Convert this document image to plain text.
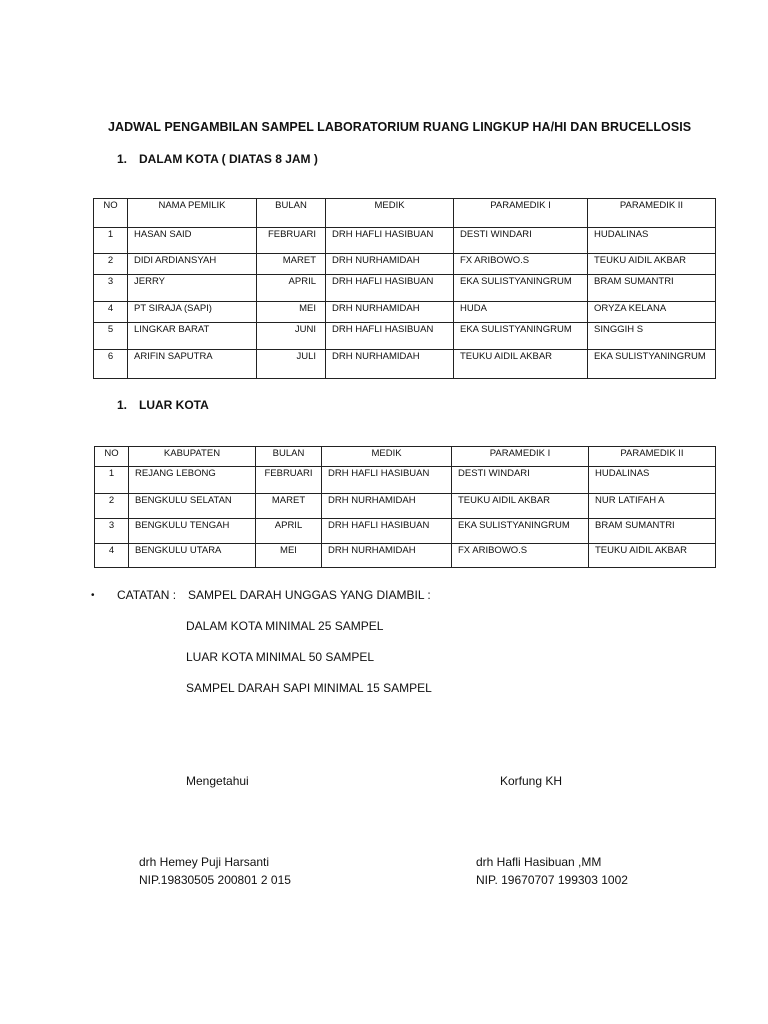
JADWAL PENGAMBILAN SAMPEL LABORATORIUM RUANG LINGKUP HA/HI DAN BRUCELLOSIS
1. DALAM KOTA ( DIATAS 8 JAM )
NO	NAMA PEMILIK	BULAN	MEDIK	PARAMEDIK I	PARAMEDIK II
1	HASAN SAID	FEBRUARI	DRH HAFLI HASIBUAN	DESTI WINDARI	HUDALINAS
2	DIDI ARDIANSYAH	MARET	DRH NURHAMIDAH	FX ARIBOWO.S	TEUKU AIDIL AKBAR
3	JERRY	APRIL	DRH HAFLI HASIBUAN	EKA SULISTYANINGRUM	BRAM SUMANTRI
4	PT SIRAJA (SAPI)	MEI	DRH NURHAMIDAH	HUDA	ORYZA KELANA
5	LINGKAR BARAT	JUNI	DRH HAFLI HASIBUAN	EKA SULISTYANINGRUM	SINGGIH S
6	ARIFIN SAPUTRA	JULI	DRH NURHAMIDAH	TEUKU AIDIL AKBAR	EKA SULISTYANINGRUM
1. LUAR KOTA
NO	KABUPATEN	BULAN	MEDIK	PARAMEDIK I	PARAMEDIK II
1	REJANG LEBONG	FEBRUARI	DRH HAFLI HASIBUAN	DESTI WINDARI	HUDALINAS
2	BENGKULU SELATAN	MARET	DRH NURHAMIDAH	TEUKU AIDIL AKBAR	NUR LATIFAH A
3	BENGKULU TENGAH	APRIL	DRH HAFLI HASIBUAN	EKA SULISTYANINGRUM	BRAM SUMANTRI
4	BENGKULU UTARA	MEI	DRH NURHAMIDAH	FX ARIBOWO.S	TEUKU AIDIL AKBAR
• CATATAN : SAMPEL DARAH UNGGAS YANG DIAMBIL :
DALAM KOTA MINIMAL 25 SAMPEL
LUAR KOTA MINIMAL 50 SAMPEL
SAMPEL DARAH SAPI MINIMAL 15 SAMPEL
Mengetahui	Korfung KH
drh Hemey Puji Harsanti
NIP.19830505 200801 2 015
drh Hafli Hasibuan ,MM
NIP. 19670707 199303 1002
